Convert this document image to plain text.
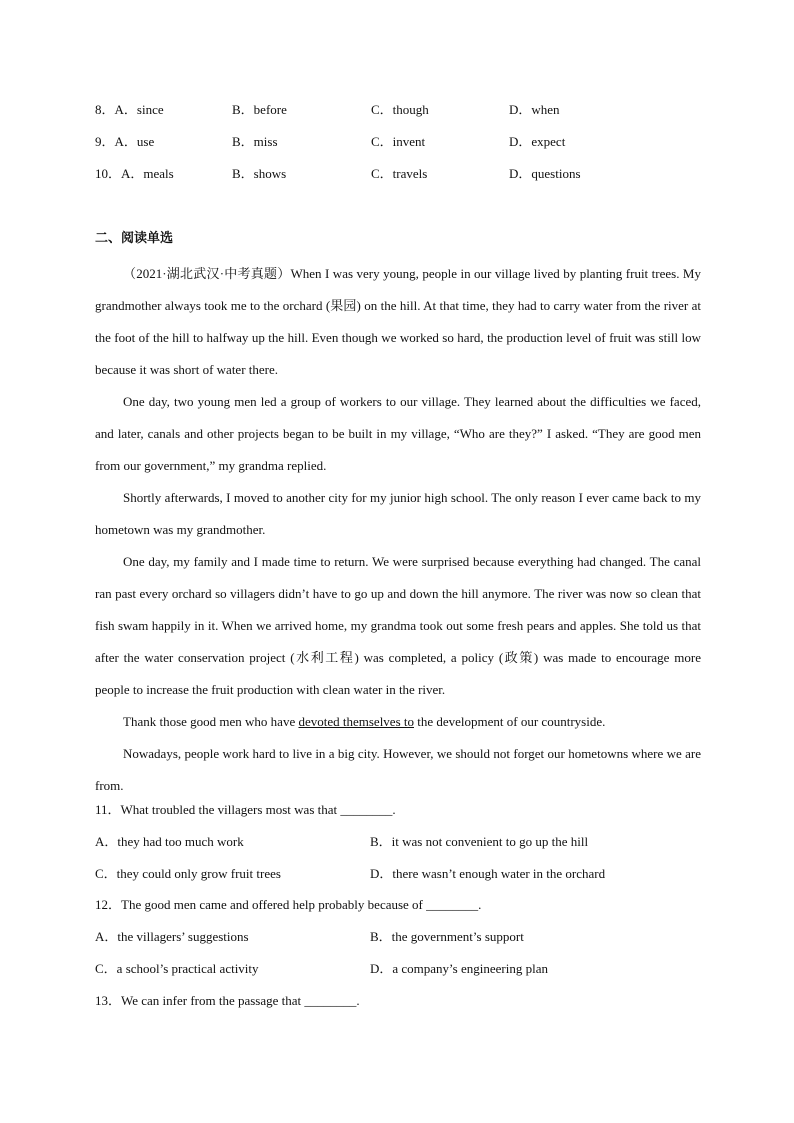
8．A．since	B．before	C．though	D．when
9．A．use	B．miss	C．invent	D．expect
10．A．meals	B．shows	C．travels	D．questions
二、阅读单选

（2021·湖北武汉·中考真题）When I was very young, people in our village lived by planting fruit trees. My grandmother always took me to the orchard (果园) on the hill. At that time, they had to carry water from the river at the foot of the hill to halfway up the hill. Even though we worked so hard, the production level of fruit was still low because it was short of water there.

One day, two young men led a group of workers to our village. They learned about the difficulties we faced, and later, canals and other projects began to be built in my village, “Who are they?” I asked. “They are good men from our government,” my grandma replied.

Shortly afterwards, I moved to another city for my junior high school. The only reason I ever came back to my hometown was my grandmother.

One day, my family and I made time to return. We were surprised because everything had changed. The canal ran past every orchard so villagers didn’t have to go up and down the hill anymore. The river was now so clean that fish swam happily in it. When we arrived home, my grandma took out some fresh pears and apples. She told us that after the water conservation project (水利工程) was completed, a policy (政策) was made to encourage more people to increase the fruit production with clean water in the river.

Thank those good men who have devoted themselves to the development of our countryside.

Nowadays, people work hard to live in a big city. However, we should not forget our hometowns where we are from.

11．What troubled the villagers most was that ________.
A．they had too much work	B．it was not convenient to go up the hill
C．they could only grow fruit trees	D．there wasn’t enough water in the orchard
12．The good men came and offered help probably because of ________.
A．the villagers’ suggestions	B．the government’s support
C．a school’s practical activity	D．a company’s engineering plan
13．We can infer from the passage that ________.
